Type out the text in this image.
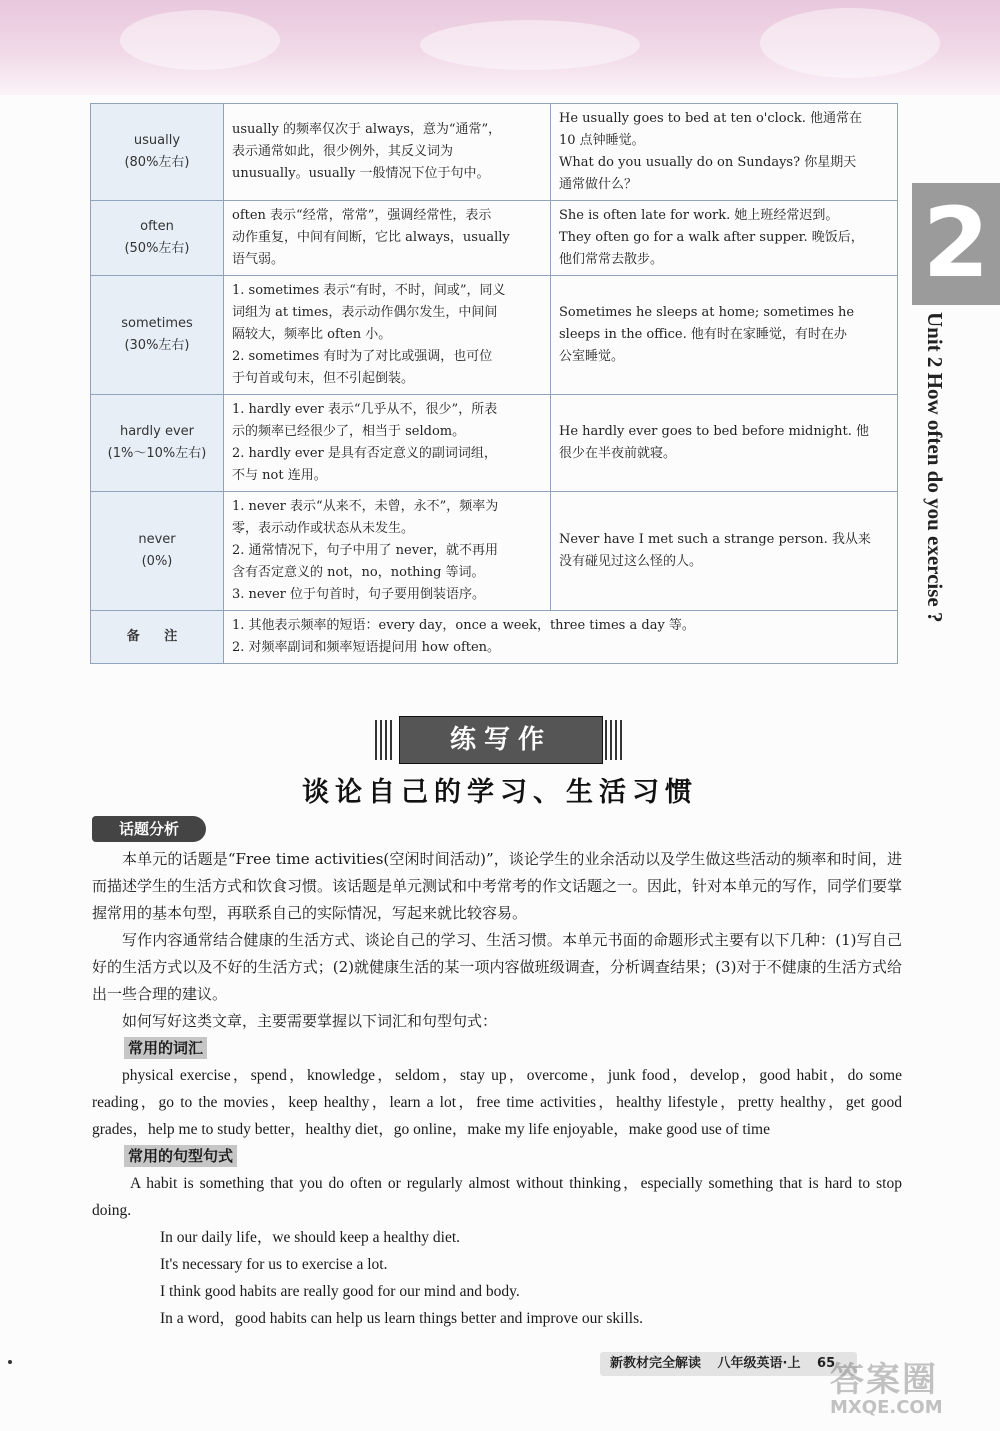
usually
(80%左右)	usually 的频率仅次于 always，意为“通常”，
表示通常如此，很少例外，其反义词为
unusually。usually 一般情况下位于句中。	He usually goes to bed at ten o'clock. 他通常在
10 点钟睡觉。
What do you usually do on Sundays? 你星期天
通常做什么？

often
(50%左右)	often 表示“经常，常常”，强调经常性，表示
动作重复，中间有间断，它比 always，usually
语气弱。	She is often late for work. 她上班经常迟到。
They often go for a walk after supper. 晚饭后，
他们常常去散步。

sometimes
(30%左右)	1. sometimes 表示“有时，不时，间或”，同义
词组为 at times，表示动作偶尔发生，中间间
隔较大，频率比 often 小。
2. sometimes 有时为了对比或强调，也可位
于句首或句末，但不引起倒装。	Sometimes he sleeps at home; sometimes he
sleeps in the office. 他有时在家睡觉，有时在办
公室睡觉。

hardly ever
(1%～10%左右)	1. hardly ever 表示“几乎从不，很少”，所表
示的频率已经很少了，相当于 seldom。
2. hardly ever 是具有否定意义的副词词组，
不与 not 连用。	He hardly ever goes to bed before midnight. 他
很少在半夜前就寝。

never
(0%)	1. never 表示“从来不，未曾，永不”，频率为
零，表示动作或状态从未发生。
2. 通常情况下，句子中用了 never，就不再用
含有否定意义的 not，no，nothing 等词。
3. never 位于句首时，句子要用倒装语序。	Never have I met such a strange person. 我从来
没有碰见过这么怪的人。

备 注	1. 其他表示频率的短语：every day，once a week，three times a day 等。
2. 对频率副词和频率短语提问用 how often。	
2
Unit 2 How often do you exercise ?
练写作
谈论自己的学习、生活习惯
话题分析

本单元的话题是“Free time activities(空闲时间活动)”，谈论学生的业余活动以及学生做这些活动的频率和时间，进而描述学生的生活方式和饮食习惯。该话题是单元测试和中考常考的作文话题之一。因此，针对本单元的写作，同学们要掌握常用的基本句型，再联系自己的实际情况，写起来就比较容易。

写作内容通常结合健康的生活方式、谈论自己的学习、生活习惯。本单元书面的命题形式主要有以下几种：(1)写自己好的生活方式以及不好的生活方式；(2)就健康生活的某一项内容做班级调查，分析调查结果；(3)对于不健康的生活方式给出一些合理的建议。

如何写好这类文章，主要需要掌握以下词汇和句型句式：

常用的词汇

physical exercise，spend，knowledge，seldom，stay up，overcome，junk food，develop，good habit，do some reading，go to the movies，keep healthy，learn a lot，free time activities，healthy lifestyle，pretty healthy，get good grades，help me to study better，healthy diet，go online，make my life enjoyable，make good use of time

常用的句型句式

A habit is something that you do often or regularly almost without thinking，especially something that is hard to stop doing.

In our daily life，we should keep a healthy diet.

It's necessary for us to exercise a lot.

I think good habits are really good for our mind and body.

In a word，good habits can help us learn things better and improve our skills.

新教材完全解读 八年级英语·上 65
答案圈
MXQE.COM
